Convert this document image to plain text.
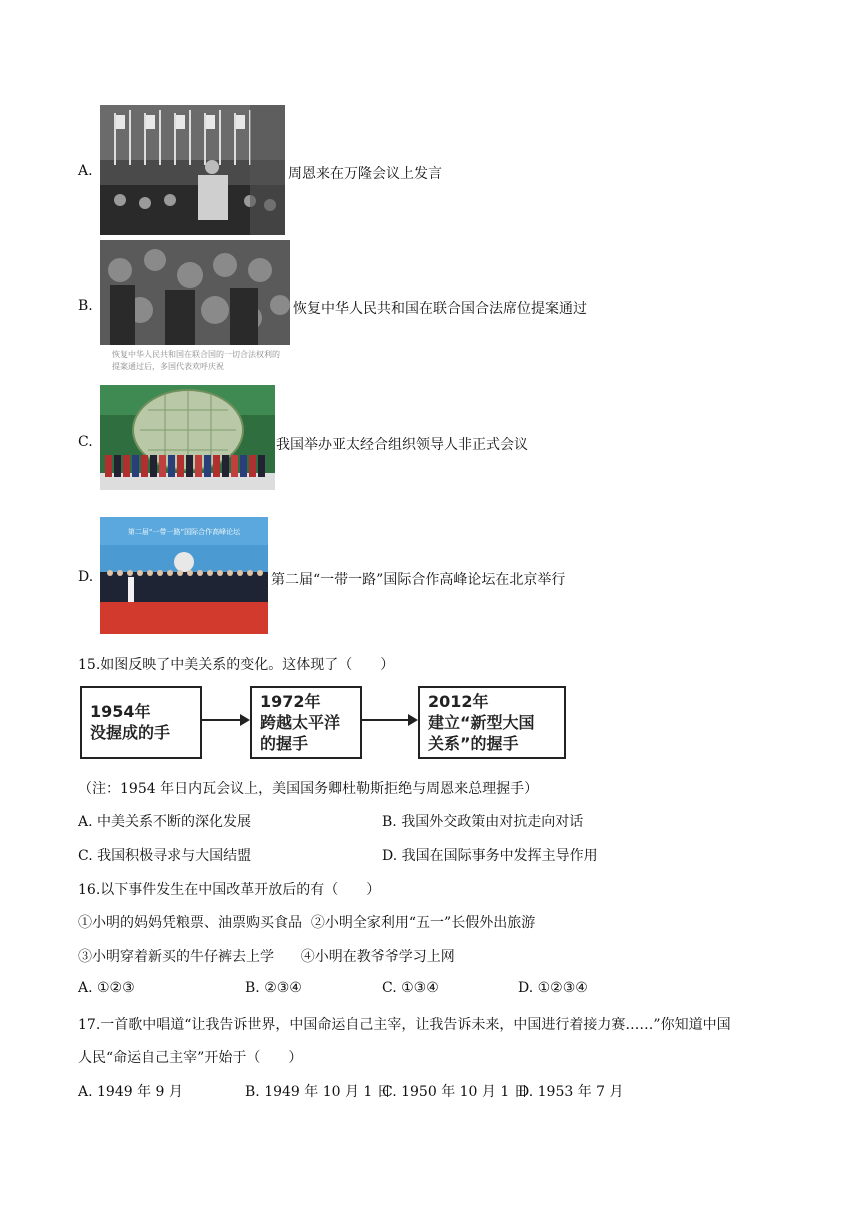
A.	周恩来在万隆会议上发言
B.
恢复中华人民共和国在联合国的一切合法权利的提案通过后，多国代表欢呼庆祝
恢复中华人民共和国在联合国合法席位提案通过
C.	我国举办亚太经合组织领导人非正式会议
D.
第二届“一带一路”国际合作高峰论坛
第二届“一带一路”国际合作高峰论坛在北京举行
15.如图反映了中美关系的变化。这体现了（　　）
1954年
没握成的手
1972年
跨越太平洋
的握手
2012年
建立“新型大国
关系”的握手
（注：1954 年日内瓦会议上，美国国务卿杜勒斯拒绝与周恩来总理握手）
A. 中美关系不断的深化发展	B. 我国外交政策由对抗走向对话
C. 我国积极寻求与大国结盟	D. 我国在国际事务中发挥主导作用
16.以下事件发生在中国改革开放后的有（　　）
①小明的妈妈凭粮票、油票购买食品  ②小明全家利用“五一”长假外出旅游
③小明穿着新买的牛仔裤去上学      ④小明在教爷爷学习上网
A. ①②③	B. ②③④	C. ①③④	D. ①②③④
17.一首歌中唱道“让我告诉世界，中国命运自己主宰，让我告诉未来，中国进行着接力赛……”你知道中国
人民“命运自己主宰”开始于（　　）
A. 1949 年 9 月	B. 1949 年 10 月 1 日
C. 1950 年 10 月 1 日
D. 1953 年 7 月
